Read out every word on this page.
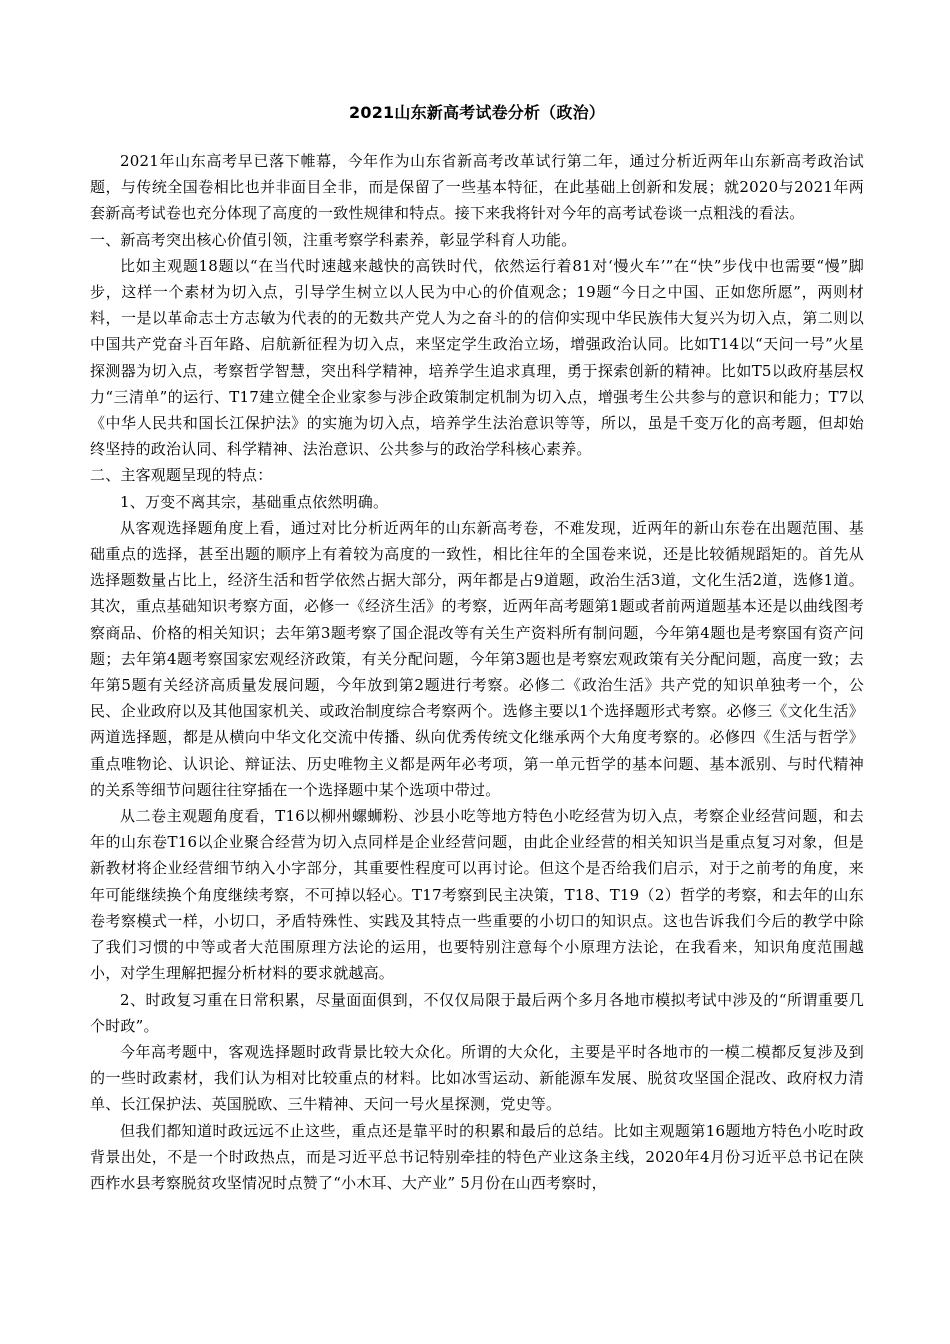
2021山东新高考试卷分析（政治）

2021年山东高考早已落下帷幕，今年作为山东省新高考改革试行第二年，通过分析近两年山东新高考政治试题，与传统全国卷相比也并非面目全非，而是保留了一些基本特征，在此基础上创新和发展；就2020与2021年两套新高考试卷也充分体现了高度的一致性规律和特点。接下来我将针对今年的高考试卷谈一点粗浅的看法。

一、新高考突出核心价值引领，注重考察学科素养，彰显学科育人功能。

比如主观题18题以“在当代时速越来越快的高铁时代，依然运行着81对‘慢火车’”在“快”步伐中也需要“慢”脚步，这样一个素材为切入点，引导学生树立以人民为中心的价值观念；19题“今日之中国、正如您所愿”，两则材料，一是以革命志士方志敏为代表的的无数共产党人为之奋斗的的信仰实现中华民族伟大复兴为切入点，第二则以中国共产党奋斗百年路、启航新征程为切入点，来坚定学生政治立场，增强政治认同。比如T14以“天问一号”火星探测器为切入点，考察哲学智慧，突出科学精神，培养学生追求真理，勇于探索创新的精神。比如T5以政府基层权力“三清单”的运行、T17建立健全企业家参与涉企政策制定机制为切入点，增强考生公共参与的意识和能力；T7以《中华人民共和国长江保护法》的实施为切入点，培养学生法治意识等等，所以，虽是千变万化的高考题，但却始终坚持的政治认同、科学精神、法治意识、公共参与的政治学科核心素养。

二、主客观题呈现的特点：

1、万变不离其宗，基础重点依然明确。

从客观选择题角度上看，通过对比分析近两年的山东新高考卷，不难发现，近两年的新山东卷在出题范围、基础重点的选择，甚至出题的顺序上有着较为高度的一致性，相比往年的全国卷来说，还是比较循规蹈矩的。首先从选择题数量占比上，经济生活和哲学依然占据大部分，两年都是占9道题，政治生活3道，文化生活2道，选修1道。其次，重点基础知识考察方面，必修一《经济生活》的考察，近两年高考题第1题或者前两道题基本还是以曲线图考察商品、价格的相关知识；去年第3题考察了国企混改等有关生产资料所有制问题，今年第4题也是考察国有资产问题；去年第4题考察国家宏观经济政策，有关分配问题，今年第3题也是考察宏观政策有关分配问题，高度一致；去年第5题有关经济高质量发展问题，今年放到第2题进行考察。必修二《政治生活》共产党的知识单独考一个，公民、企业政府以及其他国家机关、或政治制度综合考察两个。选修主要以1个选择题形式考察。必修三《文化生活》两道选择题，都是从横向中华文化交流中传播、纵向优秀传统文化继承两个大角度考察的。必修四《生活与哲学》重点唯物论、认识论、辩证法、历史唯物主义都是两年必考项，第一单元哲学的基本问题、基本派别、与时代精神的关系等细节问题往往穿插在一个选择题中某个选项中带过。

从二卷主观题角度看，T16以柳州螺蛳粉、沙县小吃等地方特色小吃经营为切入点，考察企业经营问题，和去年的山东卷T16以企业聚合经营为切入点同样是企业经营问题，由此企业经营的相关知识当是重点复习对象，但是新教材将企业经营细节纳入小字部分，其重要性程度可以再讨论。但这个是否给我们启示，对于之前考的角度，来年可能继续换个角度继续考察，不可掉以轻心。T17考察到民主决策，T18、T19（2）哲学的考察，和去年的山东卷考察模式一样，小切口，矛盾特殊性、实践及其特点一些重要的小切口的知识点。这也告诉我们今后的教学中除了我们习惯的中等或者大范围原理方法论的运用，也要特别注意每个小原理方法论，在我看来，知识角度范围越小，对学生理解把握分析材料的要求就越高。

2、时政复习重在日常积累，尽量面面俱到，不仅仅局限于最后两个多月各地市模拟考试中涉及的“所谓重要几个时政”。

今年高考题中，客观选择题时政背景比较大众化。所谓的大众化，主要是平时各地市的一模二模都反复涉及到的一些时政素材，我们认为相对比较重点的材料。比如冰雪运动、新能源车发展、脱贫攻坚国企混改、政府权力清单、长江保护法、英国脱欧、三牛精神、天问一号火星探测，党史等。

但我们都知道时政远远不止这些，重点还是靠平时的积累和最后的总结。比如主观题第16题地方特色小吃时政背景出处，不是一个时政热点，而是习近平总书记特别牵挂的特色产业这条主线，2020年4月份习近平总书记在陕西柞水县考察脱贫攻坚情况时点赞了“小木耳、大产业” 5月份在山西考察时，
